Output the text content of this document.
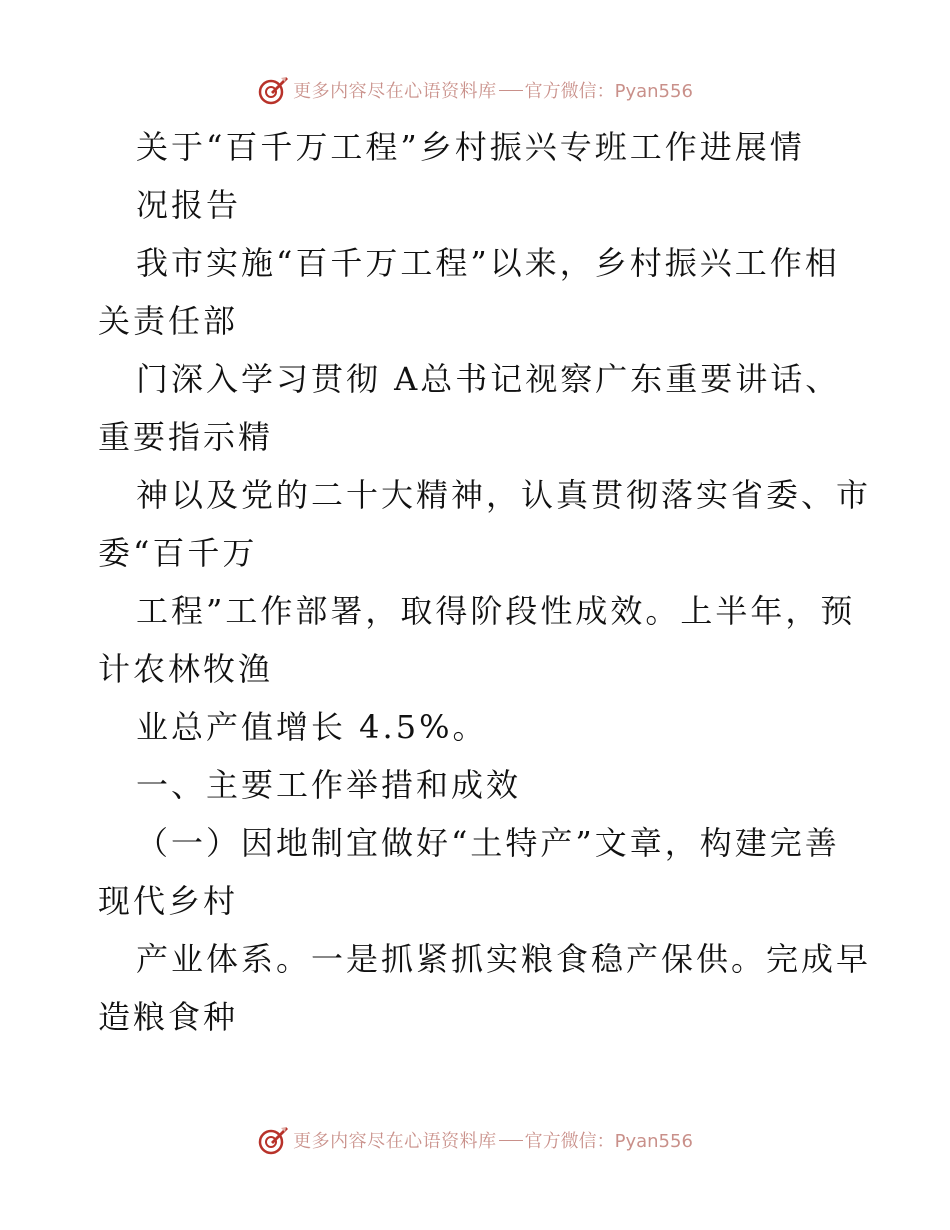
更多内容尽在心语资料库 官方微信：Pyan556
关于“百千万工程”乡村振兴专班工作进展情
况报告
我市实施“百千万工程”以来，乡村振兴工作相
关责任部
门深入学习贯彻 A总书记视察广东重要讲话、
重要指示精
神以及党的二十大精神，认真贯彻落实省委、市
委“百千万
工程”工作部署，取得阶段性成效。上半年，预
计农林牧渔
业总产值增长 4.5%。
一、主要工作举措和成效
（一）因地制宜做好“土特产”文章，构建完善
现代乡村
产业体系。一是抓紧抓实粮食稳产保供。完成早
造粮食种
更多内容尽在心语资料库 官方微信：Pyan556
